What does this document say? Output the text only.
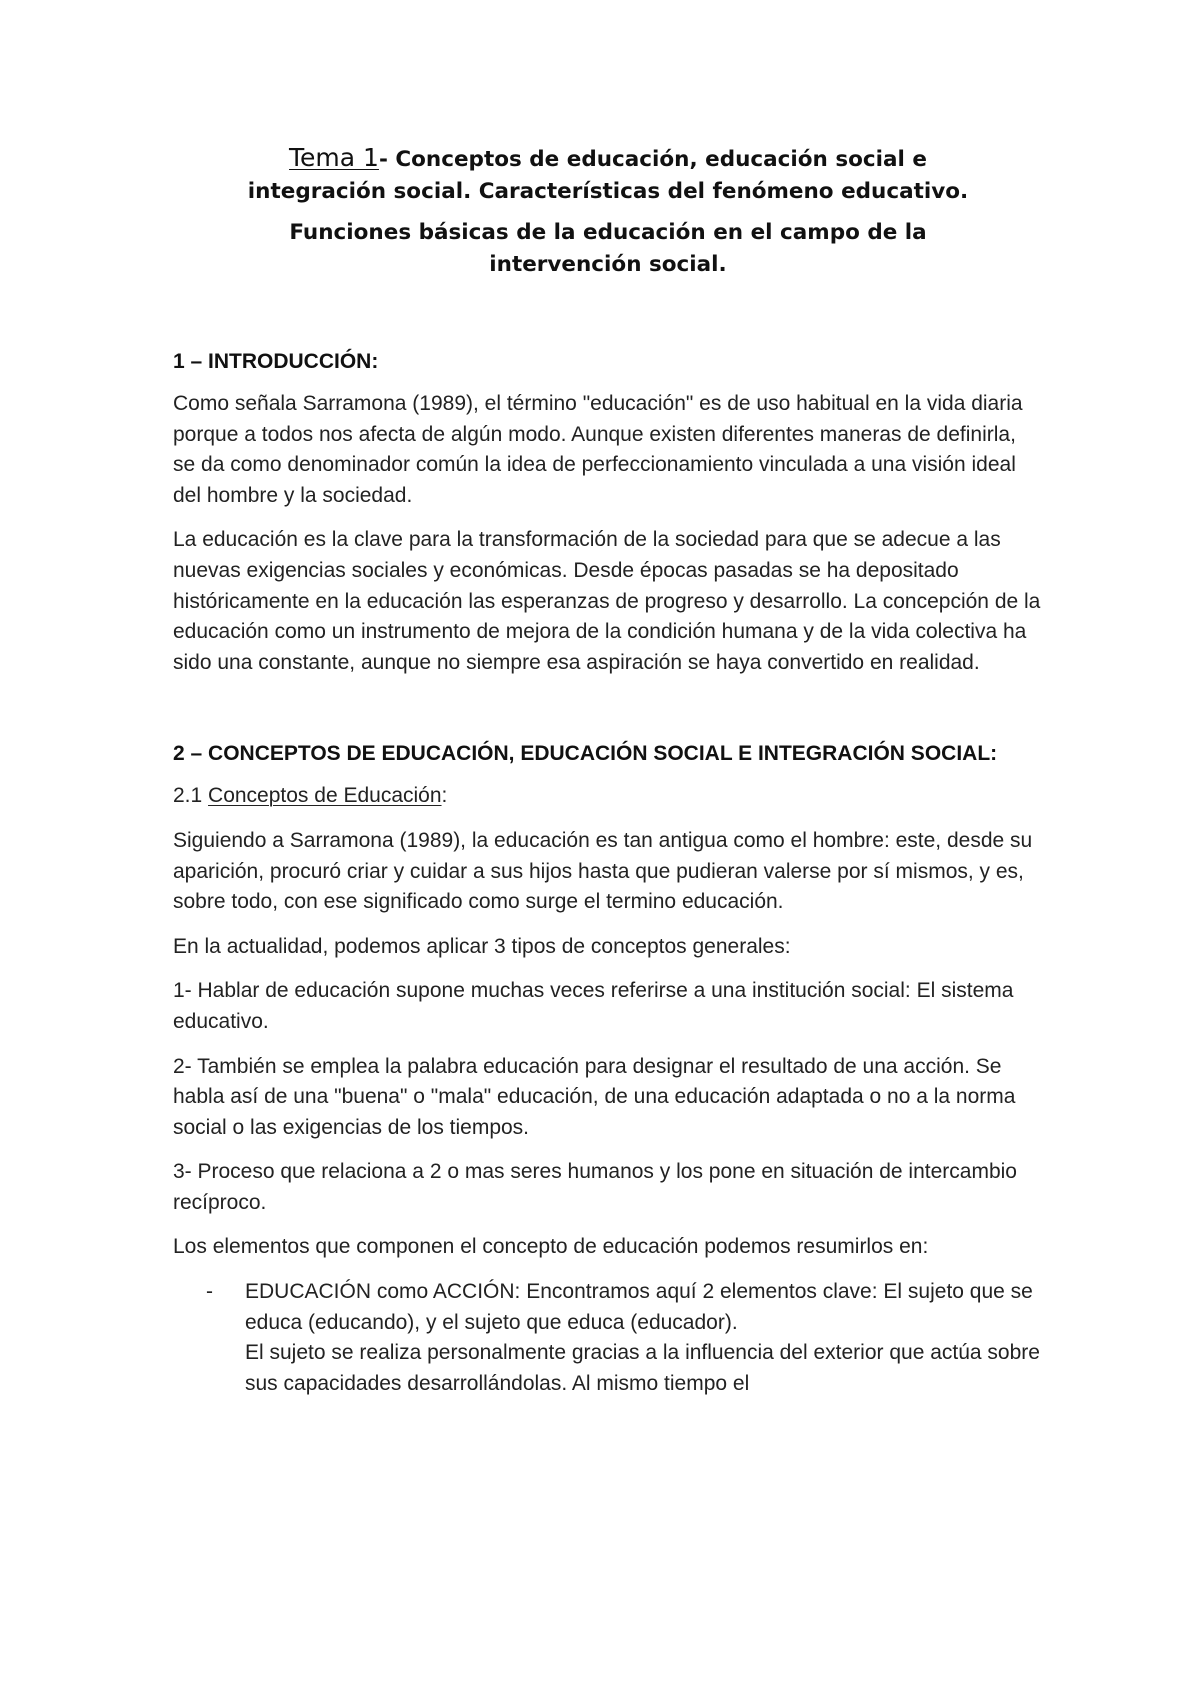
Tema 1- Conceptos de educación, educación social e
integración social. Características del fenómeno educativo.
Funciones básicas de la educación en el campo de la
intervención social.

1 – INTRODUCCIÓN:

Como señala Sarramona (1989), el término "educación" es de uso habitual en la vida diaria porque a todos nos afecta de algún modo. Aunque existen diferentes maneras de definirla, se da como denominador común la idea de perfeccionamiento vinculada a una visión ideal del hombre y la sociedad.

La educación es la clave para la transformación de la sociedad para que se adecue a las nuevas exigencias sociales y económicas. Desde épocas pasadas se ha depositado históricamente en la educación las esperanzas de progreso y desarrollo. La concepción de la educación como un instrumento de mejora de la condición humana y de la vida colectiva ha sido una constante, aunque no siempre esa aspiración se haya convertido en realidad.

2 – CONCEPTOS DE EDUCACIÓN, EDUCACIÓN SOCIAL E INTEGRACIÓN SOCIAL:

2.1 Conceptos de Educación:

Siguiendo a Sarramona (1989), la educación es tan antigua como el hombre: este, desde su aparición, procuró criar y cuidar a sus hijos hasta que pudieran valerse por sí mismos, y es, sobre todo, con ese significado como surge el termino educación.

En la actualidad, podemos aplicar 3 tipos de conceptos generales:

1- Hablar de educación supone muchas veces referirse a una institución social: El sistema educativo.

2- También se emplea la palabra educación para designar el resultado de una acción. Se habla así de una "buena" o "mala" educación, de una educación adaptada o no a la norma social o las exigencias de los tiempos.

3- Proceso que relaciona a 2 o mas seres humanos y los pone en situación de intercambio recíproco.

Los elementos que componen el concepto de educación podemos resumirlos en:

- EDUCACIÓN como ACCIÓN: Encontramos aquí 2 elementos clave: El sujeto que se educa (educando), y el sujeto que educa (educador).

El sujeto se realiza personalmente gracias a la influencia del exterior que actúa sobre sus capacidades desarrollándolas. Al mismo tiempo el
